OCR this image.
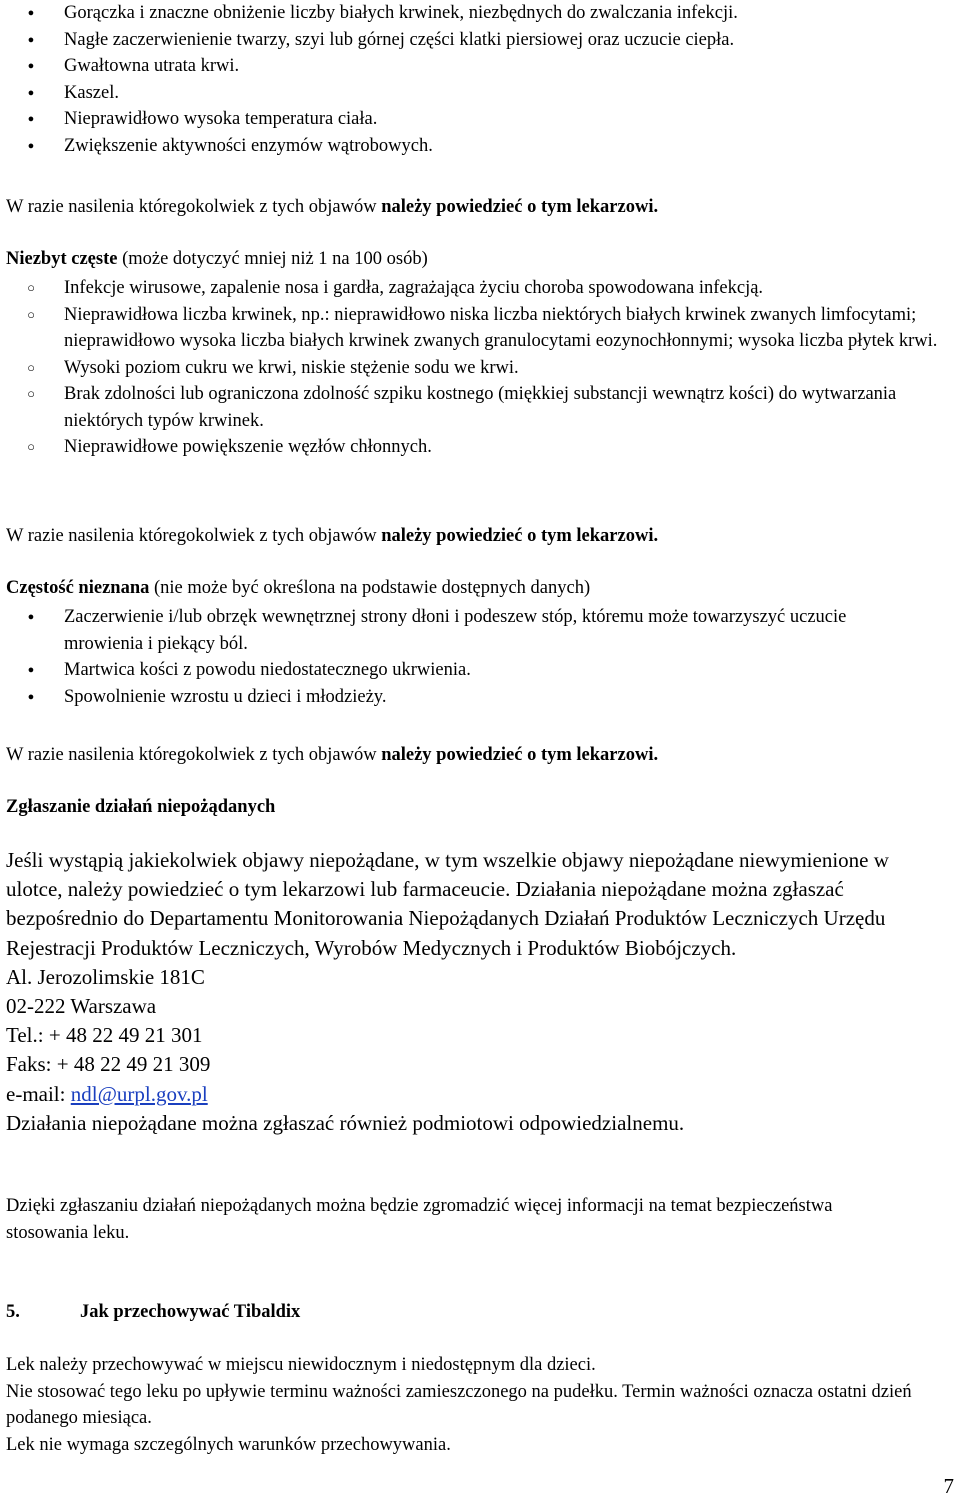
●
Gorączka i znaczne obniżenie liczby białych krwinek, niezbędnych do zwalczania infekcji.
●
Nagłe zaczerwienienie twarzy, szyi lub górnej części klatki piersiowej oraz uczucie ciepła.
●
Gwałtowna utrata krwi.
●
Kaszel.
●
Nieprawidłowo wysoka temperatura ciała.
●
Zwiększenie aktywności enzymów wątrobowych.
W razie nasilenia któregokolwiek z tych objawów należy powiedzieć o tym lekarzowi.
Niezbyt częste (może dotyczyć mniej niż 1 na 100 osób)
○
Infekcje wirusowe, zapalenie nosa i gardła, zagrażająca życiu choroba spowodowana infekcją.
○
Nieprawidłowa liczba krwinek, np.: nieprawidłowo niska liczba niektórych białych krwinek zwanych limfocytami; nieprawidłowo wysoka liczba białych krwinek zwanych granulocytami eozynochłonnymi; wysoka liczba płytek krwi.
○
Wysoki poziom cukru we krwi, niskie stężenie sodu we krwi.
○
Brak zdolności lub ograniczona zdolność szpiku kostnego (miękkiej substancji wewnątrz kości) do wytwarzania niektórych typów krwinek.
○
Nieprawidłowe powiększenie węzłów chłonnych.
W razie nasilenia któregokolwiek z tych objawów należy powiedzieć o tym lekarzowi.
Częstość nieznana (nie może być określona na podstawie dostępnych danych)
●
Zaczerwienie i/lub obrzęk wewnętrznej strony dłoni i podeszew stóp, któremu może towarzyszyć uczucie mrowienia i piekący ból.
●
Martwica kości z powodu niedostatecznego ukrwienia.
●
Spowolnienie wzrostu u dzieci i młodzieży.
W razie nasilenia któregokolwiek z tych objawów należy powiedzieć o tym lekarzowi.
Zgłaszanie działań niepożądanych
Jeśli wystąpią jakiekolwiek objawy niepożądane, w tym wszelkie objawy niepożądane niewymienione w ulotce, należy powiedzieć o tym lekarzowi lub farmaceucie. Działania niepożądane można zgłaszać bezpośrednio do Departamentu Monitorowania Niepożądanych Działań Produktów Leczniczych Urzędu Rejestracji Produktów Leczniczych, Wyrobów Medycznych i Produktów Biobójczych.
Al. Jerozolimskie 181C
02-222 Warszawa
Tel.: + 48 22 49 21 301
Faks: + 48 22 49 21 309
e-mail: ndl@urpl.gov.pl
Działania niepożądane można zgłaszać również podmiotowi odpowiedzialnemu.
Dzięki zgłaszaniu działań niepożądanych można będzie zgromadzić więcej informacji na temat bezpieczeństwa stosowania leku.
5.	Jak przechowywać Tibaldix
Lek należy przechowywać w miejscu niewidocznym i niedostępnym dla dzieci.
Nie stosować tego leku po upływie terminu ważności zamieszczonego na pudełku. Termin ważności oznacza ostatni dzień podanego miesiąca.
Lek nie wymaga szczególnych warunków przechowywania.
7
